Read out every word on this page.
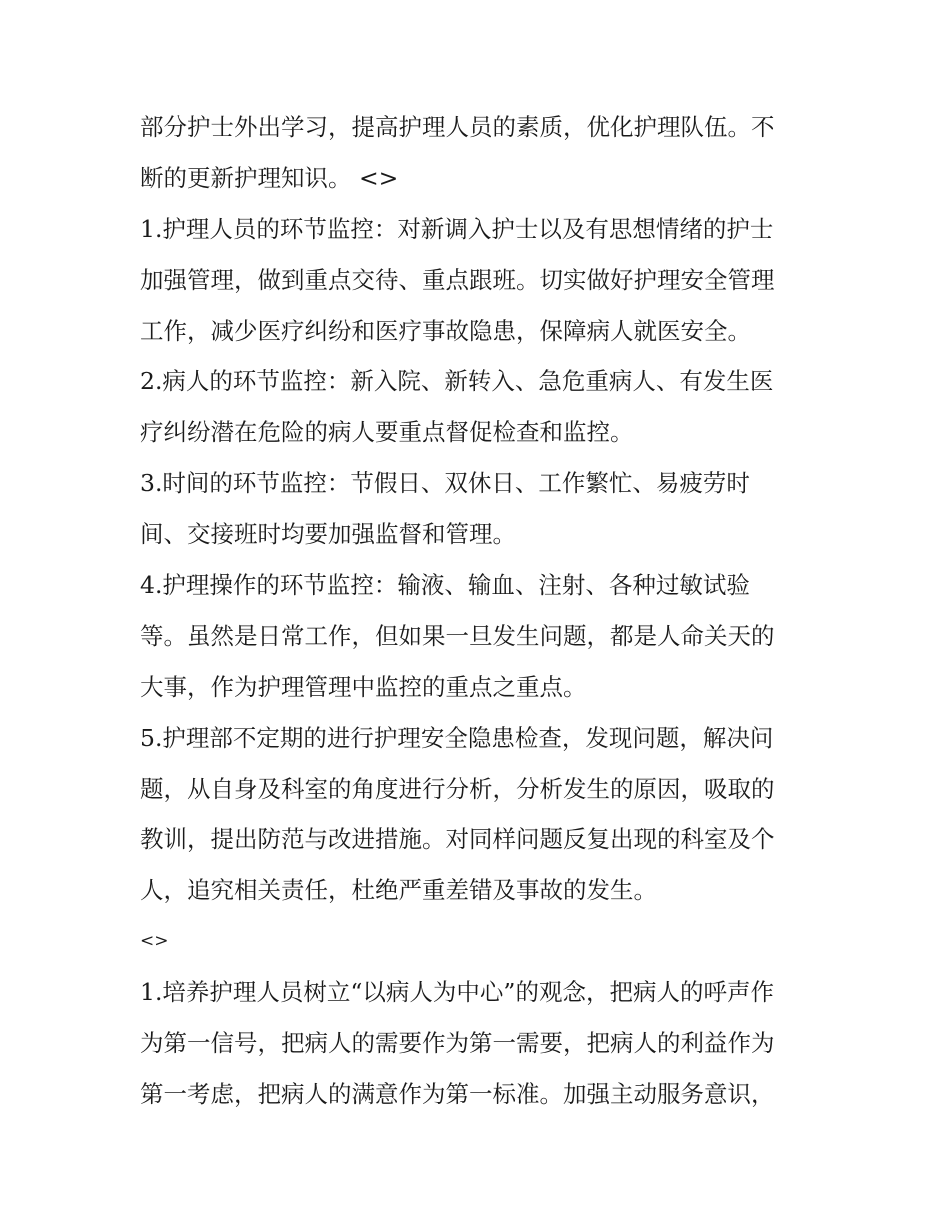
部分护士外出学习，提高护理人员的素质，优化护理队伍。不
断的更新护理知识。 <>
1.护理人员的环节监控：对新调入护士以及有思想情绪的护士
加强管理，做到重点交待、重点跟班。切实做好护理安全管理
工作，减少医疗纠纷和医疗事故隐患，保障病人就医安全。
2.病人的环节监控：新入院、新转入、急危重病人、有发生医
疗纠纷潜在危险的病人要重点督促检查和监控。
3.时间的环节监控：节假日、双休日、工作繁忙、易疲劳时
间、交接班时均要加强监督和管理。
4.护理操作的环节监控：输液、输血、注射、各种过敏试验
等。虽然是日常工作，但如果一旦发生问题，都是人命关天的
大事，作为护理管理中监控的重点之重点。
5.护理部不定期的进行护理安全隐患检查，发现问题，解决问
题，从自身及科室的角度进行分析，分析发生的原因，吸取的
教训，提出防范与改进措施。对同样问题反复出现的科室及个
人，追究相关责任，杜绝严重差错及事故的发生。
<>
1.培养护理人员树立“以病人为中心”的观念，把病人的呼声作
为第一信号，把病人的需要作为第一需要，把病人的利益作为
第一考虑，把病人的满意作为第一标准。加强主动服务意识，
